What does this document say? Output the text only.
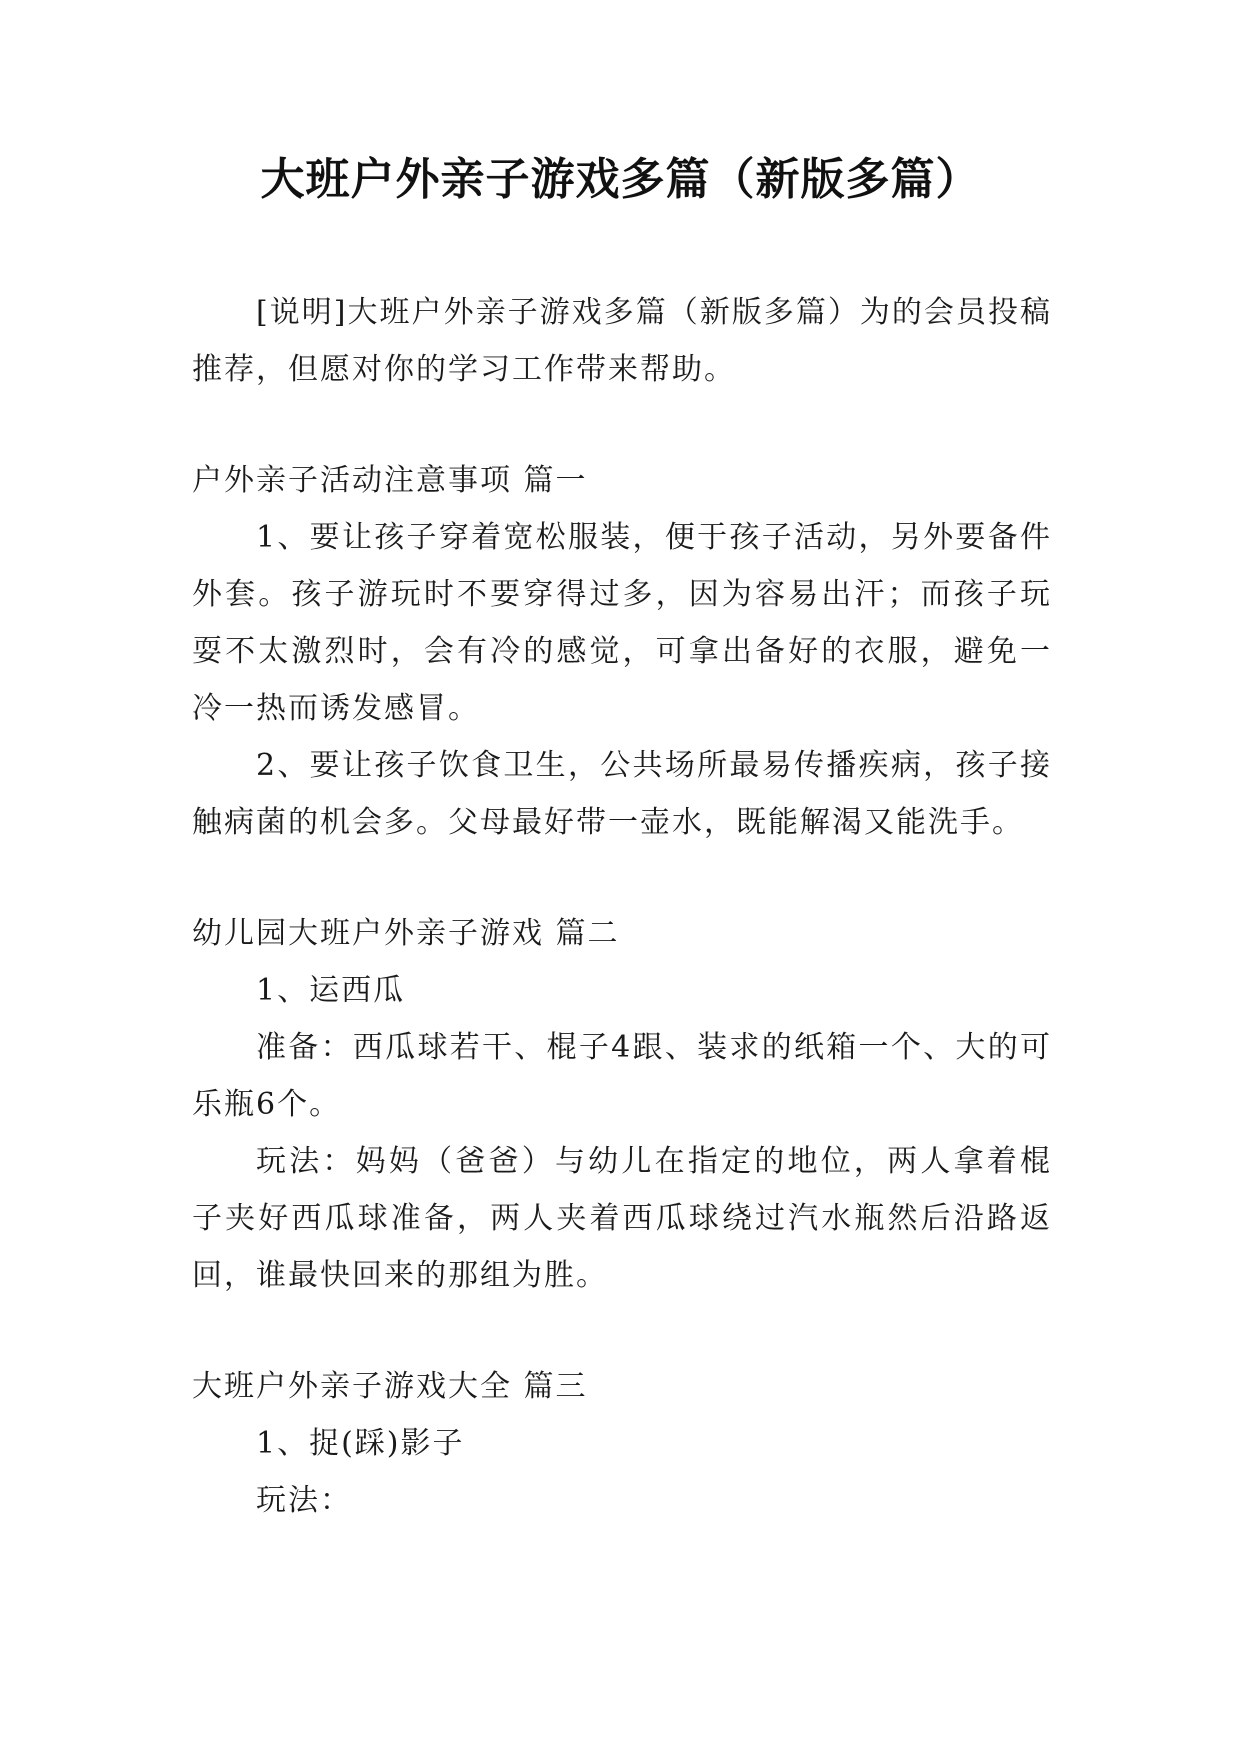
大班户外亲子游戏多篇（新版多篇）

[说明]大班户外亲子游戏多篇（新版多篇）为的会员投稿推荐，但愿对你的学习工作带来帮助。

户外亲子活动注意事项 篇一

1、要让孩子穿着宽松服装，便于孩子活动，另外要备件外套。孩子游玩时不要穿得过多，因为容易出汗；而孩子玩耍不太激烈时，会有冷的感觉，可拿出备好的衣服，避免一冷一热而诱发感冒。

2、要让孩子饮食卫生，公共场所最易传播疾病，孩子接触病菌的机会多。父母最好带一壶水，既能解渴又能洗手。

幼儿园大班户外亲子游戏 篇二

1、运西瓜

准备：西瓜球若干、棍子4跟、装求的纸箱一个、大的可乐瓶6个。

玩法：妈妈（爸爸）与幼儿在指定的地位，两人拿着棍子夹好西瓜球准备，两人夹着西瓜球绕过汽水瓶然后沿路返回，谁最快回来的那组为胜。

大班户外亲子游戏大全 篇三

1、捉(踩)影子

玩法：
